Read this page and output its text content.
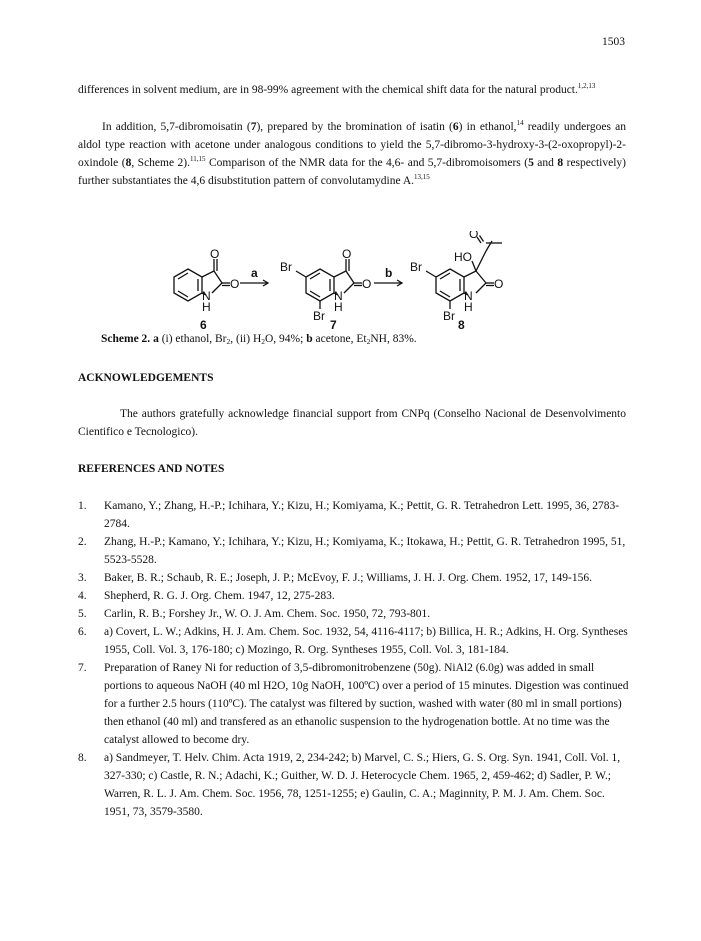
1503

differences in solvent medium, are in 98-99% agreement with the chemical shift data for the natural product.$^{1,2,13}$

In addition, 5,7-dibromoisatin (7), prepared by the bromination of isatin (6) in ethanol,$^{14}$ readily undergoes an aldol type reaction with acetone under analogous conditions to yield the 5,7-dibromo-3-hydroxy-3-(2-oxopropyl)-2-oxindole (8, Scheme 2).$^{11,15}$ Comparison of the NMR data for the 4,6- and 5,7-dibromoisomers (5 and 8 respectively) further substantiates the 4,6 disubstitution pattern of convolutamydine A.$^{13,15}$

O
O
N
H
a
O
O
N
H
Br
Br
b Br
Br
N
H
O
HO
O
6	7	8
Scheme 2. a (i) ethanol, $Br_2$, (ii) $H_2O$, 94%; b acetone, $Et_2NH$, 83%.
ACKNOWLEDGEMENTS

The authors gratefully acknowledge financial support from CNPq (Conselho Nacional de Desenvolvimento Cientifico e Tecnologico).

REFERENCES AND NOTES
1. Kamano, Y.; Zhang, H.-P.; Ichihara, Y.; Kizu, H.; Komiyama, K.; Pettit, G. R. Tetrahedron Lett. 1995, 36, 2783-2784.
2. Zhang, H.-P.; Kamano, Y.; Ichihara, Y.; Kizu, H.; Komiyama, K.; Itokawa, H.; Pettit, G. R. Tetrahedron 1995, 51, 5523-5528.
3. Baker, B. R.; Schaub, R. E.; Joseph, J. P.; McEvoy, F. J.; Williams, J. H. J. Org. Chem. 1952, 17, 149-156.
4. Shepherd, R. G. J. Org. Chem. 1947, 12, 275-283.
5. Carlin, R. B.; Forshey Jr., W. O. J. Am. Chem. Soc. 1950, 72, 793-801.
6. a) Covert, L. W.; Adkins, H. J. Am. Chem. Soc. 1932, 54, 4116-4117; b) Billica, H. R.; Adkins, H. Org. Syntheses 1955, Coll. Vol. 3, 176-180; c) Mozingo, R. Org. Syntheses 1955, Coll. Vol. 3, 181-184.
7. Preparation of Raney Ni for reduction of 3,5-dibromonitrobenzene (50g). NiAl2 (6.0g) was added in small portions to aqueous NaOH (40 ml H2O, 10g NaOH, 100ºC) over a period of 15 minutes. Digestion was continued for a further 2.5 hours (110ºC). The catalyst was filtered by suction, washed with water (80 ml in small portions) then ethanol (40 ml) and transfered as an ethanolic suspension to the hydrogenation bottle. At no time was the catalyst allowed to become dry.
8. a) Sandmeyer, T. Helv. Chim. Acta 1919, 2, 234-242; b) Marvel, C. S.; Hiers, G. S. Org. Syn. 1941, Coll. Vol. 1, 327-330; c) Castle, R. N.; Adachi, K.; Guither, W. D. J. Heterocycle Chem. 1965, 2, 459-462; d) Sadler, P. W.; Warren, R. L. J. Am. Chem. Soc. 1956, 78, 1251-1255; e) Gaulin, C. A.; Maginnity, P. M. J. Am. Chem. Soc. 1951, 73, 3579-3580.
